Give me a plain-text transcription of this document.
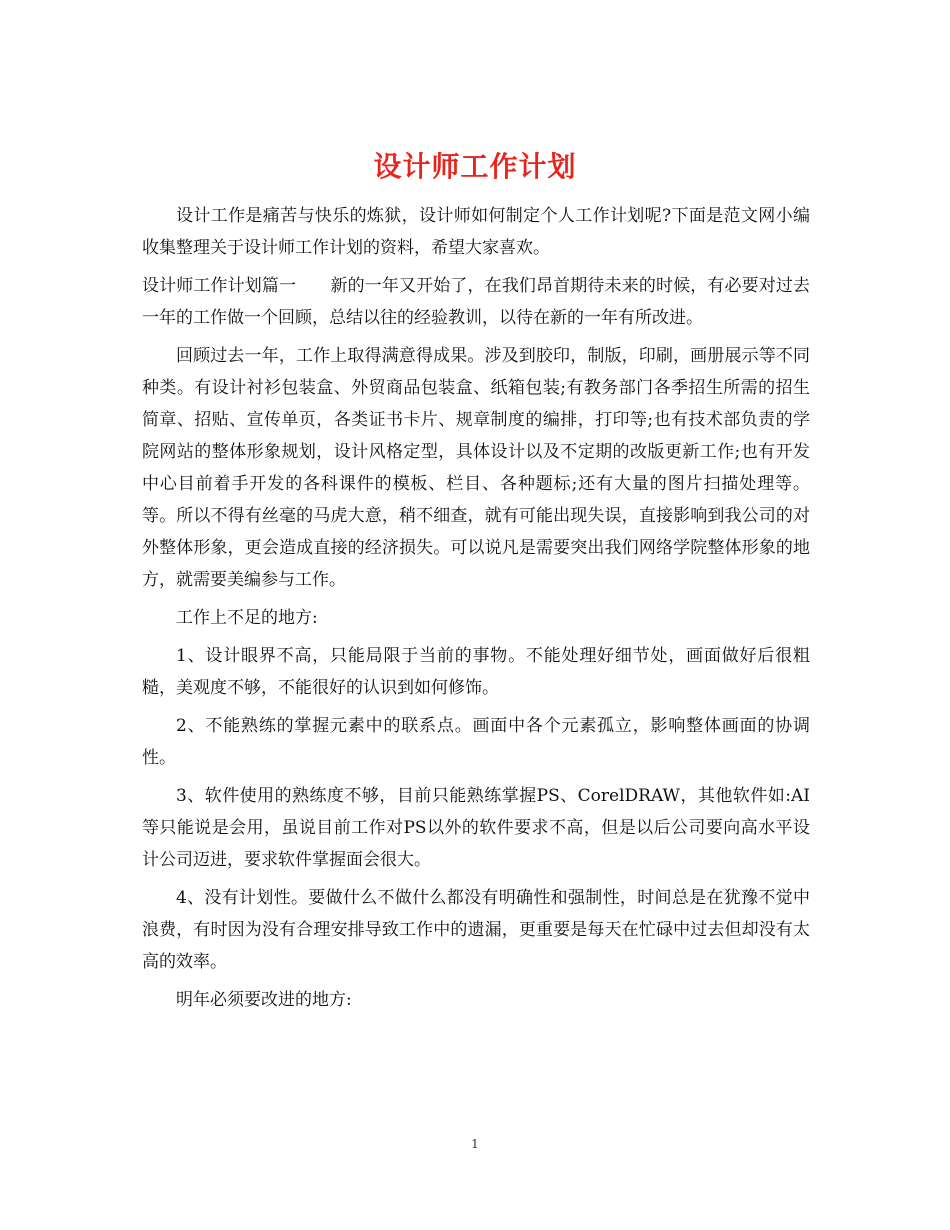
设计师工作计划

设计工作是痛苦与快乐的炼狱，设计师如何制定个人工作计划呢?下面是范文网小编收集整理关于设计师工作计划的资料，希望大家喜欢。

设计师工作计划篇一　　新的一年又开始了，在我们昂首期待未来的时候，有必要对过去一年的工作做一个回顾，总结以往的经验教训，以待在新的一年有所改进。

回顾过去一年，工作上取得满意得成果。涉及到胶印，制版，印刷，画册展示等不同种类。有设计衬衫包装盒、外贸商品包装盒、纸箱包装;有教务部门各季招生所需的招生简章、招贴、宣传单页，各类证书卡片、规章制度的编排，打印等;也有技术部负责的学院网站的整体形象规划，设计风格定型，具体设计以及不定期的改版更新工作;也有开发中心目前着手开发的各科课件的模板、栏目、各种题标;还有大量的图片扫描处理等。等。所以不得有丝毫的马虎大意，稍不细查，就有可能出现失误，直接影响到我公司的对外整体形象，更会造成直接的经济损失。可以说凡是需要突出我们网络学院整体形象的地方，就需要美编参与工作。

工作上不足的地方:

1、设计眼界不高，只能局限于当前的事物。不能处理好细节处，画面做好后很粗糙，美观度不够，不能很好的认识到如何修饰。

2、不能熟练的掌握元素中的联系点。画面中各个元素孤立，影响整体画面的协调性。

3、软件使用的熟练度不够，目前只能熟练掌握PS、CorelDRAW，其他软件如:AI 等只能说是会用，虽说目前工作对PS以外的软件要求不高，但是以后公司要向高水平设计公司迈进，要求软件掌握面会很大。

4、没有计划性。要做什么不做什么都没有明确性和强制性，时间总是在犹豫不觉中浪费，有时因为没有合理安排导致工作中的遗漏，更重要是每天在忙碌中过去但却没有太高的效率。

明年必须要改进的地方:

1
